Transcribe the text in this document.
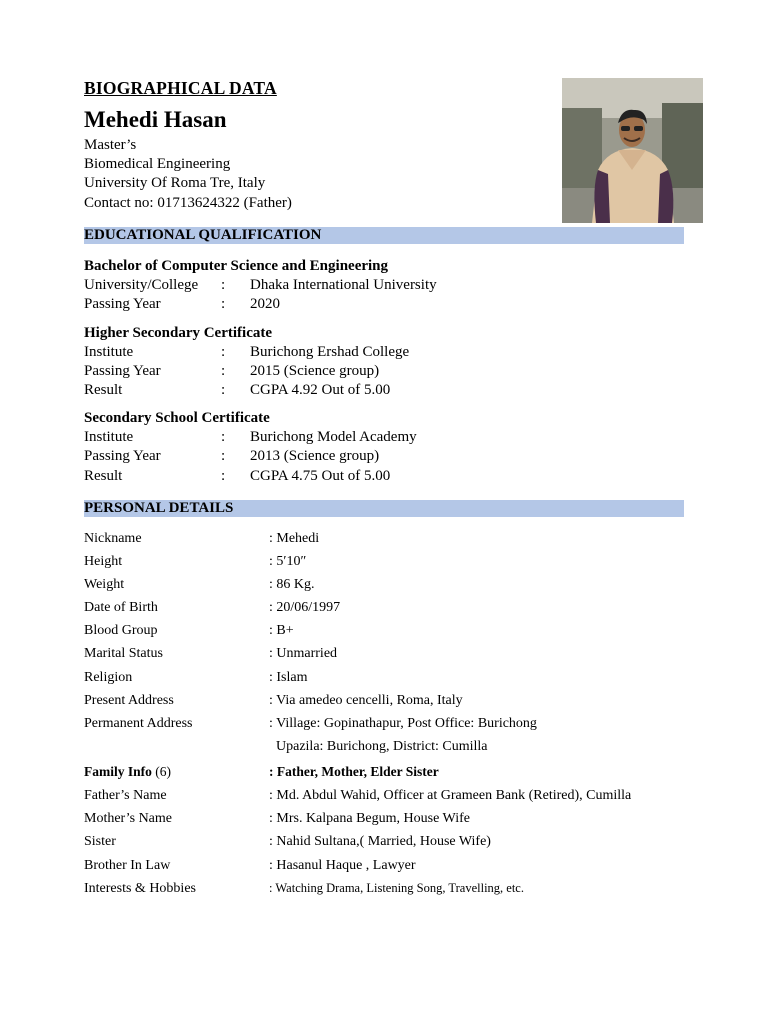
BIOGRAPHICAL DATA
Mehedi Hasan
Master’s
Biomedical Engineering
University Of Roma Tre, Italy
Contact no: 01713624322 (Father)
EDUCATIONAL QUALIFICATION
Bachelor of Computer Science and Engineering
University/College : Dhaka International University
Passing Year	: 2020
Higher Secondary Certificate
Institute	: Burichong Ershad College
Passing Year	: 2015 (Science group)
Result	: CGPA 4.92 Out of 5.00
Secondary School Certificate
Institute	: Burichong Model Academy
Passing Year	: 2013 (Science group)
Result	: CGPA 4.75 Out of 5.00
PERSONAL DETAILS
Nickname	: Mehedi
Height	: 5′10″
Weight	: 86 Kg.
Date of Birth	: 20/06/1997
Blood Group	: B+
Marital Status	: Unmarried
Religion	: Islam
Present Address	: Via amedeo cencelli, Roma, Italy
Permanent Address	: Village: Gopinathapur, Post Office: Burichong
Upazila: Burichong, District: Cumilla
Family Info (6)	: Father, Mother, Elder Sister
Father’s Name	: Md. Abdul Wahid, Officer at Grameen Bank (Retired), Cumilla
Mother’s Name	: Mrs. Kalpana Begum, House Wife
Sister	: Nahid Sultana,( Married, House Wife)
Brother In Law	: Hasanul Haque , Lawyer
Interests & Hobbies	: Watching Drama, Listening Song, Travelling, etc.
